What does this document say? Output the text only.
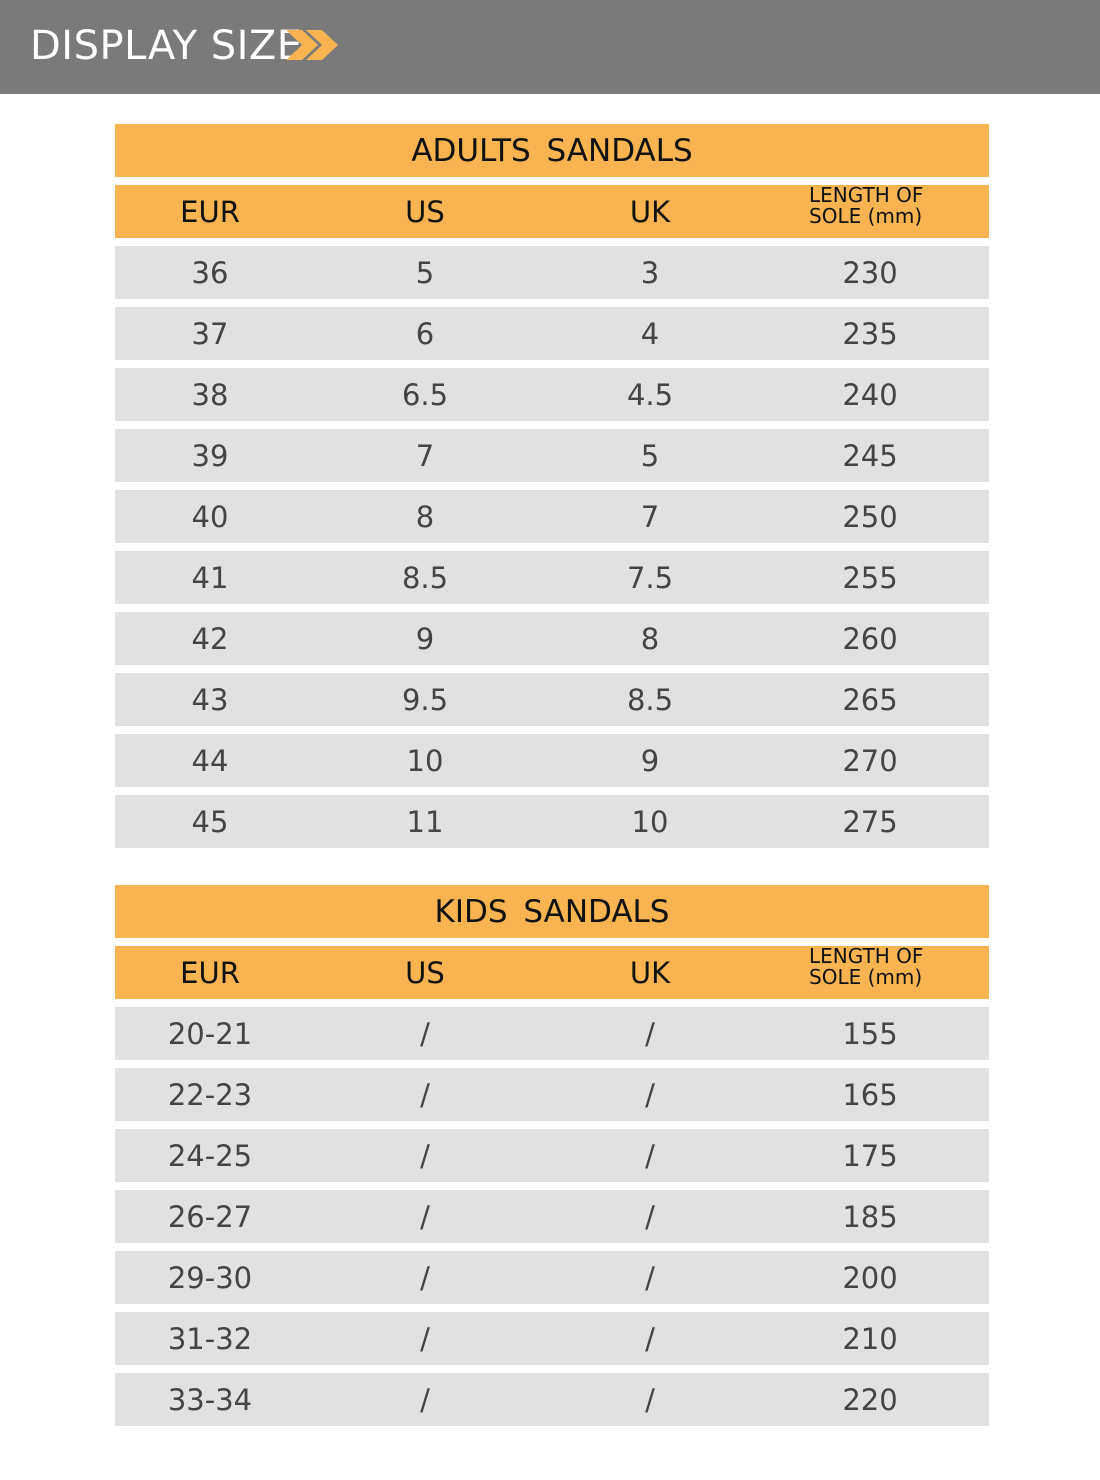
DISPLAY SIZE
ADULTS SANDALS
EUR	US	UK	LENGTH OF
SOLE (mm)
36	5	3	230
37	6	4	235
38	6.5	4.5	240
39	7	5	245
40	8	7	250
41	8.5	7.5	255
42	9	8	260
43	9.5	8.5	265
44	10	9	270
45	11	10	275
KIDS SANDALS
EUR	US	UK	LENGTH OF
SOLE (mm)
20-21	/	/	155
22-23	/	/	165
24-25	/	/	175
26-27	/	/	185
29-30	/	/	200
31-32	/	/	210
33-34	/	/	220
